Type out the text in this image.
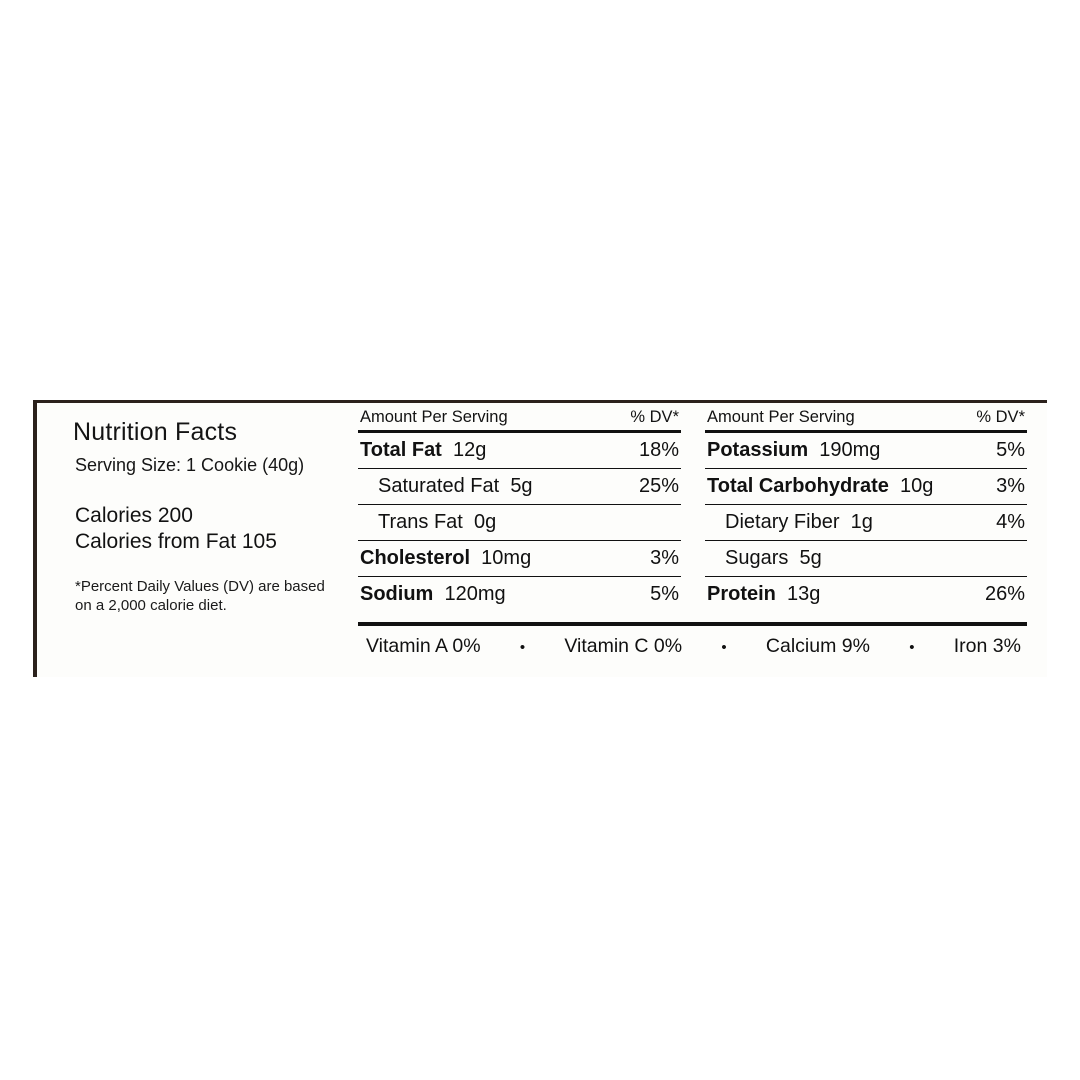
Nutrition Facts
Serving Size: 1 Cookie (40g)
Calories 200
Calories from Fat 105
*Percent Daily Values (DV) are based on a 2,000 calorie diet.
Amount Per Serving	% DV*
Total Fat 12g	18%
Saturated Fat 5g	25%
Trans Fat 0g
Cholesterol 10mg	3%
Sodium 120mg	5%
Amount Per Serving	% DV*
Potassium 190mg	5%
Total Carbohydrate 10g	3%
Dietary Fiber 1g	4%
Sugars 5g
Protein 13g	26%
Vitamin A 0%	• Vitamin C 0%	• Calcium 9%	• Iron 3%
